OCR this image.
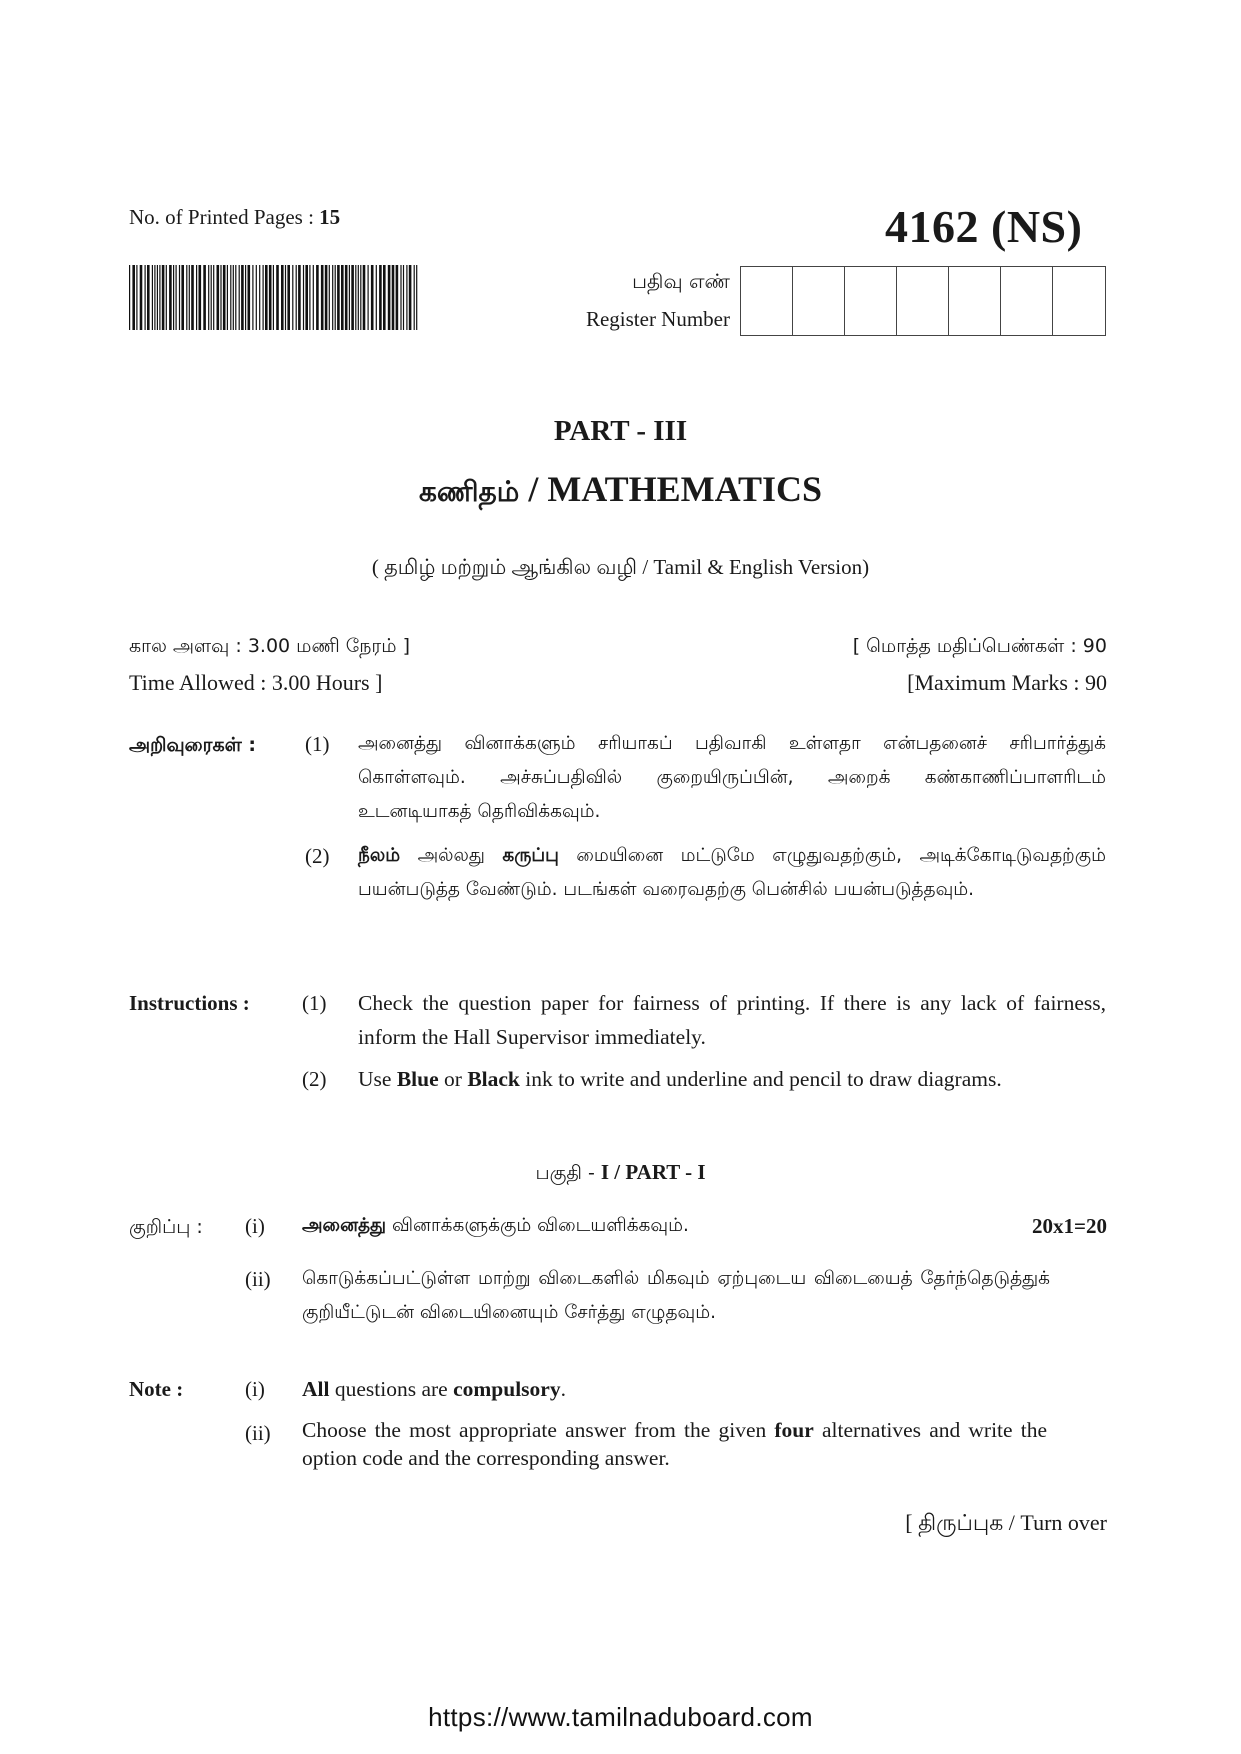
No. of Printed Pages : 15	4162 (NS)
பதிவு எண்
Register Number
PART - III
கணிதம் / MATHEMATICS
( தமிழ் மற்றும் ஆங்கில வழி / Tamil & English Version)
கால அளவு : 3.00 மணி நேரம் ]
Time Allowed : 3.00 Hours ]
[ மொத்த மதிப்பெண்கள் : 90
[Maximum Marks : 90
அறிவுரைகள் : (1) அனைத்து வினாக்களும் சரியாகப் பதிவாகி உள்ளதா என்பதனைச் சரிபார்த்துக் கொள்ளவும். அச்சுப்பதிவில் குறையிருப்பின், அறைக் கண்காணிப்பாளரிடம் உடனடியாகத் தெரிவிக்கவும்.
(2) நீலம் அல்லது கருப்பு மையினை மட்டுமே எழுதுவதற்கும், அடிக்கோடிடுவதற்கும் பயன்படுத்த வேண்டும். படங்கள் வரைவதற்கு பென்சில் பயன்படுத்தவும்.
Instructions : (1) Check the question paper for fairness of printing. If there is any lack of fairness, inform the Hall Supervisor immediately.
(2) Use Blue or Black ink to write and underline and pencil to draw diagrams.
பகுதி - I / PART - I
குறிப்பு : (i) அனைத்து வினாக்களுக்கும் விடையளிக்கவும்.	20x1=20
(ii) கொடுக்கப்பட்டுள்ள மாற்று விடைகளில் மிகவும் ஏற்புடைய விடையைத் தேர்ந்தெடுத்துக் குறியீட்டுடன் விடையினையும் சேர்த்து எழுதவும்.
Note :	(i) All questions are compulsory.
(ii) Choose the most appropriate answer from the given four alternatives and write the option code and the corresponding answer.
[ திருப்புக / Turn over
https://www.tamilnaduboard.com
